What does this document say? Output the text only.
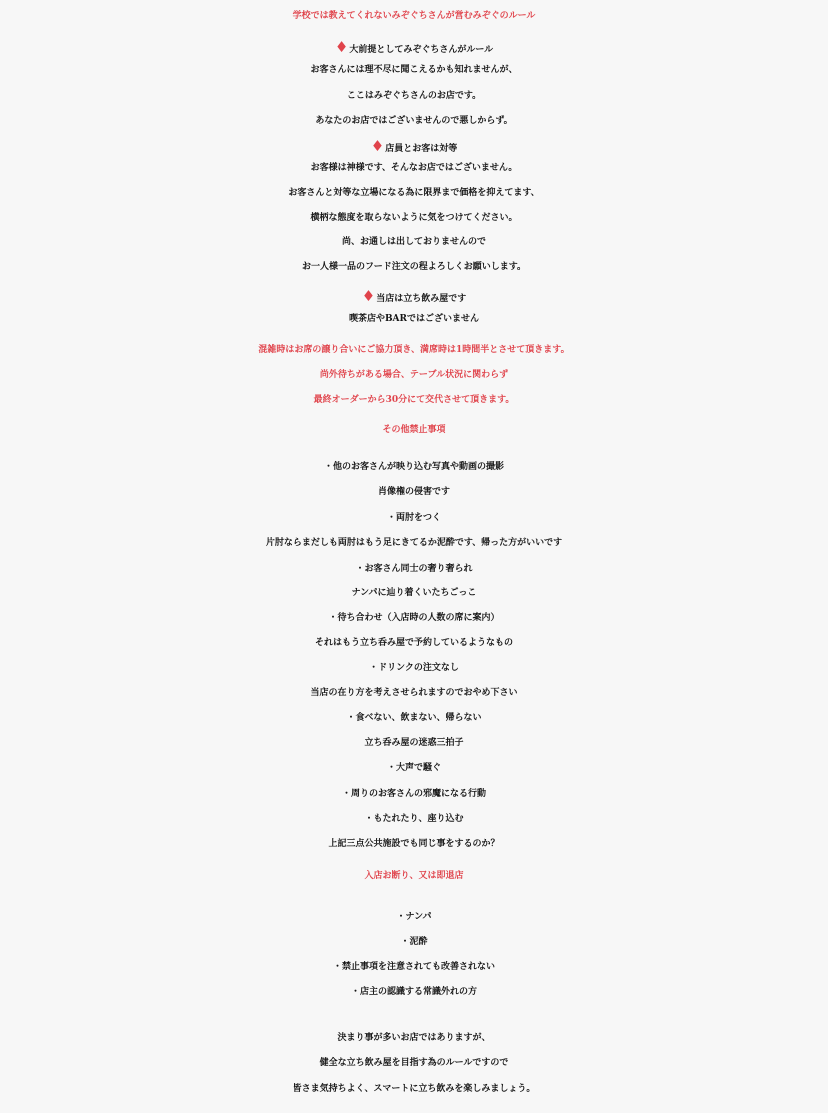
学校では教えてくれないみぞぐちさんが営むみぞぐのルール
♦大前提としてみぞぐちさんがルール
お客さんには理不尽に聞こえるかも知れませんが、
ここはみぞぐちさんのお店です。
あなたのお店ではございませんので悪しからず。
♦店員とお客は対等
お客様は神様です、そんなお店ではございません。
お客さんと対等な立場になる為に限界まで価格を抑えてます、
横柄な態度を取らないように気をつけてください。
尚、お通しは出しておりませんので
お一人様一品のフード注文の程よろしくお願いします。
♦当店は立ち飲み屋です
喫茶店やBARではございません
混雑時はお席の譲り合いにご協力頂き、満席時は1時間半とさせて頂きます。
尚外待ちがある場合、テーブル状況に関わらず
最終オーダーから30分にて交代させて頂きます。
その他禁止事項
・他のお客さんが映り込む写真や動画の撮影
肖像権の侵害です
・両肘をつく
片肘ならまだしも両肘はもう足にきてるか泥酔です、帰った方がいいです
・お客さん同士の奢り奢られ
ナンパに辿り着くいたちごっこ
・待ち合わせ（入店時の人数の席に案内）
それはもう立ち呑み屋で予約しているようなもの
・ドリンクの注文なし
当店の在り方を考えさせられますのでおやめ下さい
・食べない、飲まない、帰らない
立ち呑み屋の迷惑三拍子
・大声で騒ぐ
・周りのお客さんの邪魔になる行動
・もたれたり、座り込む
上記三点公共施設でも同じ事をするのか？
入店お断り、又は即退店
・ナンパ
・泥酔
・禁止事項を注意されても改善されない
・店主の認識する常識外れの方
決まり事が多いお店ではありますが、
健全な立ち飲み屋を目指す為のルールですので
皆さま気持ちよく、スマートに立ち飲みを楽しみましょう。
